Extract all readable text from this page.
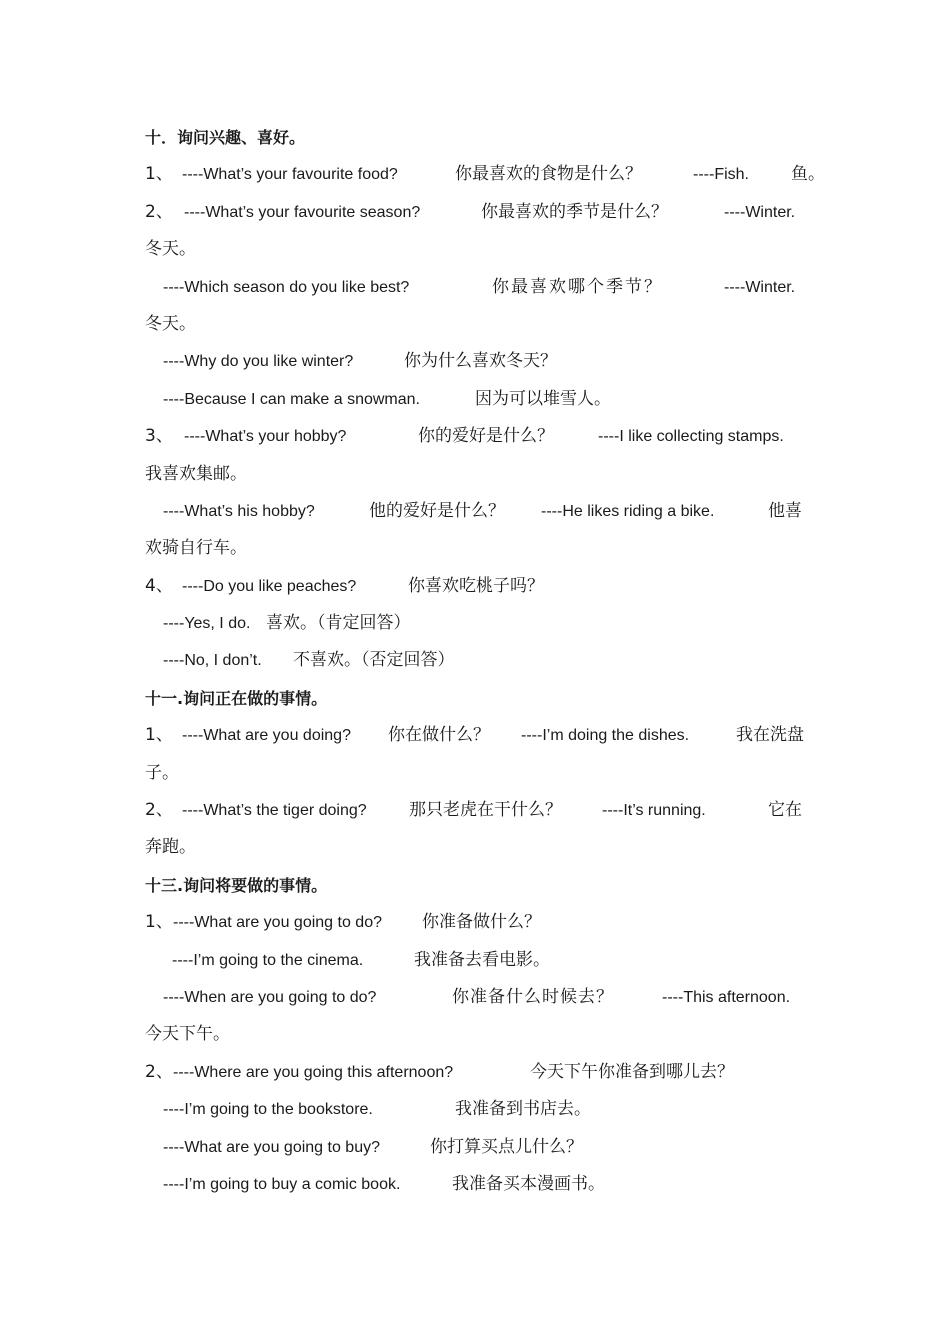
十．询问兴趣、喜好。
1、 ----What’s your favourite food?	你最喜欢的食物是什么？	----Fish. 鱼。
2、 ----What’s your favourite season?	你最喜欢的季节是什么？	----Winter.
冬天。
----Which season do you like best?	你最喜欢哪个季节？	----Winter.
冬天。
----Why do you like winter?	你为什么喜欢冬天？
----Because I can make a snowman.	因为可以堆雪人。
3、 ----What’s your hobby?	你的爱好是什么？	----I like collecting stamps.
我喜欢集邮。
----What’s his hobby?	他的爱好是什么？ ----He likes riding a bike.	他喜
欢骑自行车。
4、 ----Do you like peaches?	你喜欢吃桃子吗？
----Yes, I do. 喜欢。（肯定回答）
----No, I don’t. 不喜欢。（否定回答）
十一.询问正在做的事情。
1、 ----What are you doing? 你在做什么？ ----I’m doing the dishes.	我在洗盘
子。
2、 ----What’s the tiger doing? 那只老虎在干什么？	----It’s running.	它在
奔跑。
十三.询问将要做的事情。
1、 ----What are you going to do? 你准备做什么？
----I’m going to the cinema.	我准备去看电影。
----When are you going to do?	你准备什么时候去？	----This afternoon.
今天下午。
2、 ----Where are you going this afternoon?	今天下午你准备到哪儿去？
----I’m going to the bookstore.	我准备到书店去。
----What are you going to buy?	你打算买点儿什么？
----I’m going to buy a comic book.	我准备买本漫画书。
